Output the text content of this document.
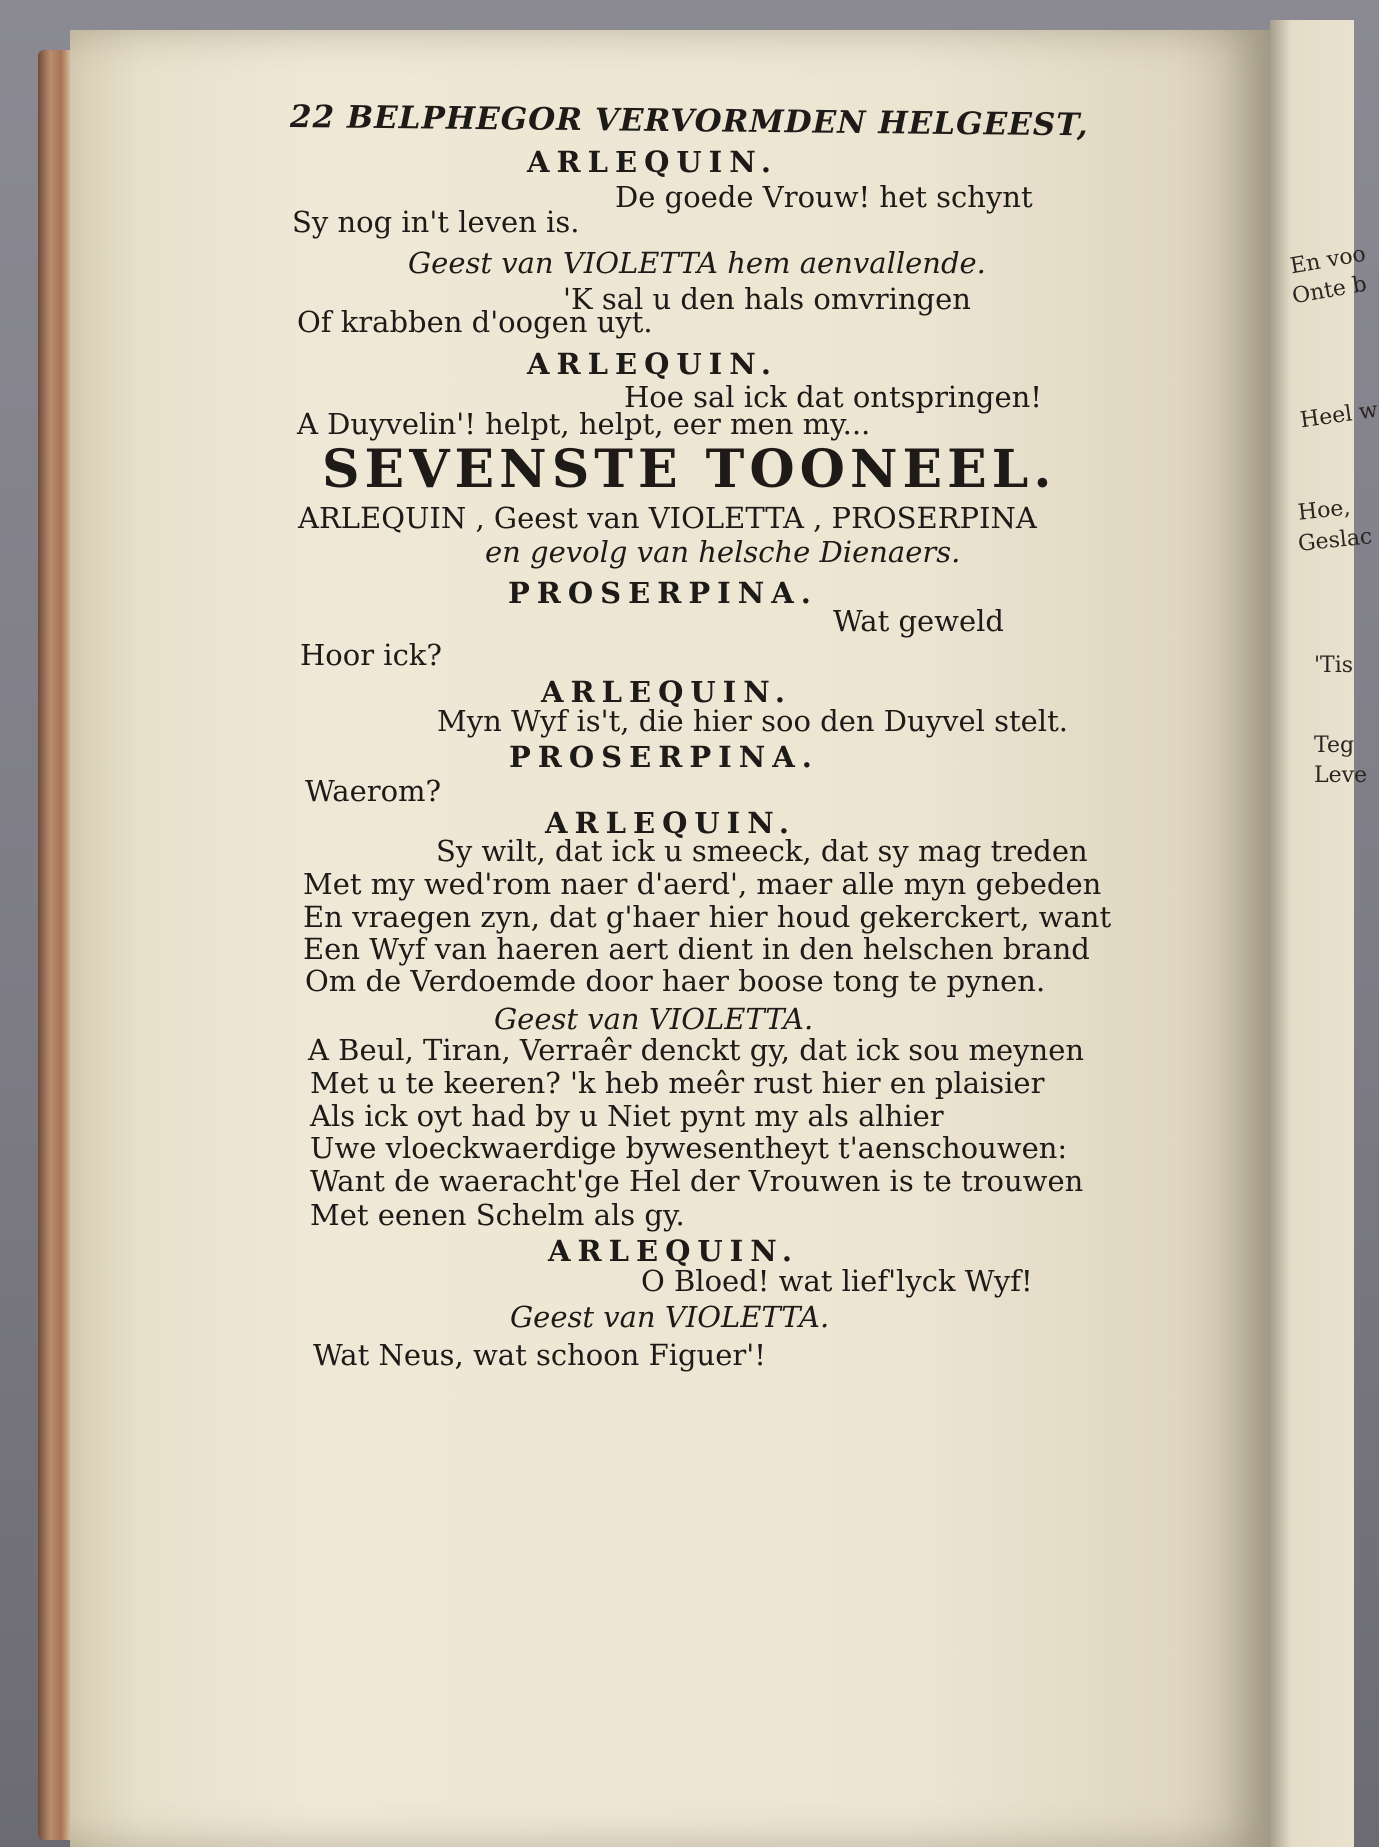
En voo
Onte b
Heel w
Hoe,
Geslac
'Tis
Teg
Leve
22 BELPHEGOR VERVORMDEN HELGEEST,
ARLEQUIN.
De goede Vrouw! het schynt
Sy nog in't leven is.
Geest van VIOLETTA hem aenvallende.
'K sal u den hals omvringen
Of krabben d'oogen uyt.
ARLEQUIN.
Hoe sal ick dat ontspringen!
A Duyvelin'! helpt, helpt, eer men my...
SEVENSTE TOONEEL.
ARLEQUIN , Geest van VIOLETTA , PROSERPINA
en gevolg van helsche Dienaers.
PROSERPINA.
Wat geweld
Hoor ick?
ARLEQUIN.
Myn Wyf is't, die hier soo den Duyvel stelt.
PROSERPINA.
Waerom?
ARLEQUIN.
Sy wilt, dat ick u smeeck, dat sy mag treden
Met my wed'rom naer d'aerd', maer alle myn gebeden
En vraegen zyn, dat g'haer hier houd gekerckert, want
Een Wyf van haeren aert dient in den helschen brand
Om de Verdoemde door haer boose tong te pynen.
Geest van VIOLETTA.
A Beul, Tiran, Verraêr denckt gy, dat ick sou meynen
Met u te keeren? 'k heb meêr rust hier en plaisier
Als ick oyt had by u Niet pynt my als alhier
Uwe vloeckwaerdige bywesentheyt t'aenschouwen:
Want de waeracht'ge Hel der Vrouwen is te trouwen
Met eenen Schelm als gy.
ARLEQUIN.
O Bloed! wat lief'lyck Wyf!
Geest van VIOLETTA.
Wat Neus, wat schoon Figuer'!
